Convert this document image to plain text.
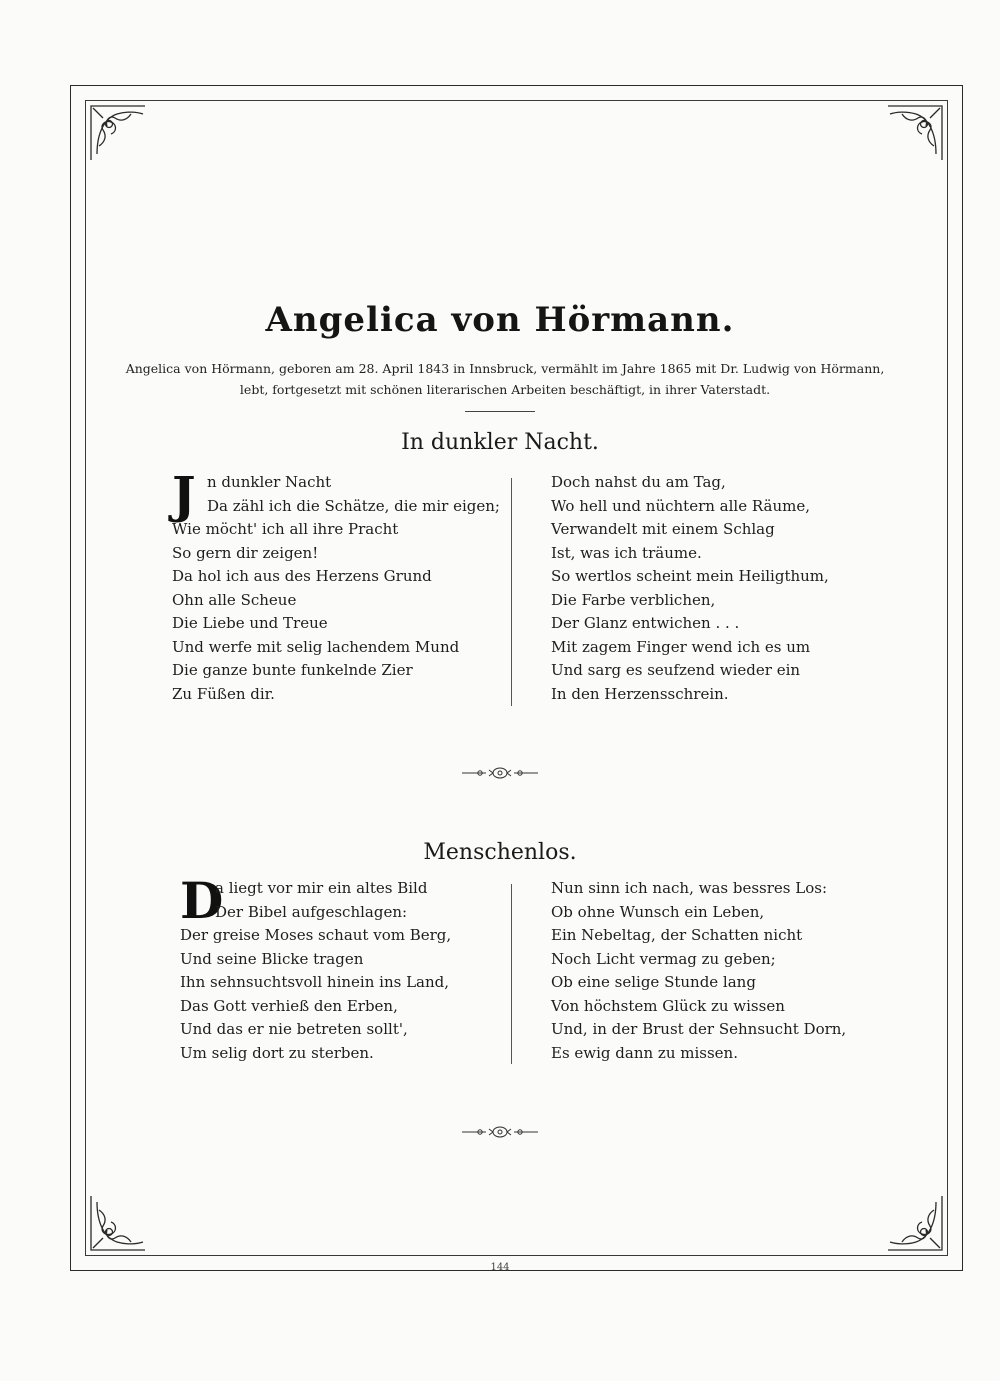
Angelica von Hörmann.
Angelica von Hörmann, geboren am 28. April 1843 in Innsbruck, vermählt im Jahre 1865 mit Dr. Ludwig von Hörmann,
lebt, fortgesetzt mit schönen literarischen Arbeiten beschäftigt, in ihrer Vaterstadt.
In dunkler Nacht.
J n dunkler Nacht
Da zähl ich die Schätze, die mir eigen;
Wie möcht' ich all ihre Pracht
So gern dir zeigen!
Da hol ich aus des Herzens Grund
Ohn alle Scheue
Die Liebe und Treue
Und werfe mit selig lachendem Mund
Die ganze bunte funkelnde Zier
Zu Füßen dir.
Doch nahst du am Tag,
Wo hell und nüchtern alle Räume,
Verwandelt mit einem Schlag
Ist, was ich träume.
So wertlos scheint mein Heiligthum,
Die Farbe verblichen,
Der Glanz entwichen . . .
Mit zagem Finger wend ich es um
Und sarg es seufzend wieder ein
In den Herzensschrein.
Menschenlos.
D
a liegt vor mir ein altes Bild
Der Bibel aufgeschlagen:
Der greise Moses schaut vom Berg,
Und seine Blicke tragen
Ihn sehnsuchtsvoll hinein ins Land,
Das Gott verhieß den Erben,
Und das er nie betreten sollt',
Um selig dort zu sterben.
Nun sinn ich nach, was bessres Los:
Ob ohne Wunsch ein Leben,
Ein Nebeltag, der Schatten nicht
Noch Licht vermag zu geben;
Ob eine selige Stunde lang
Von höchstem Glück zu wissen
Und, in der Brust der Sehnsucht Dorn,
Es ewig dann zu missen.
144
